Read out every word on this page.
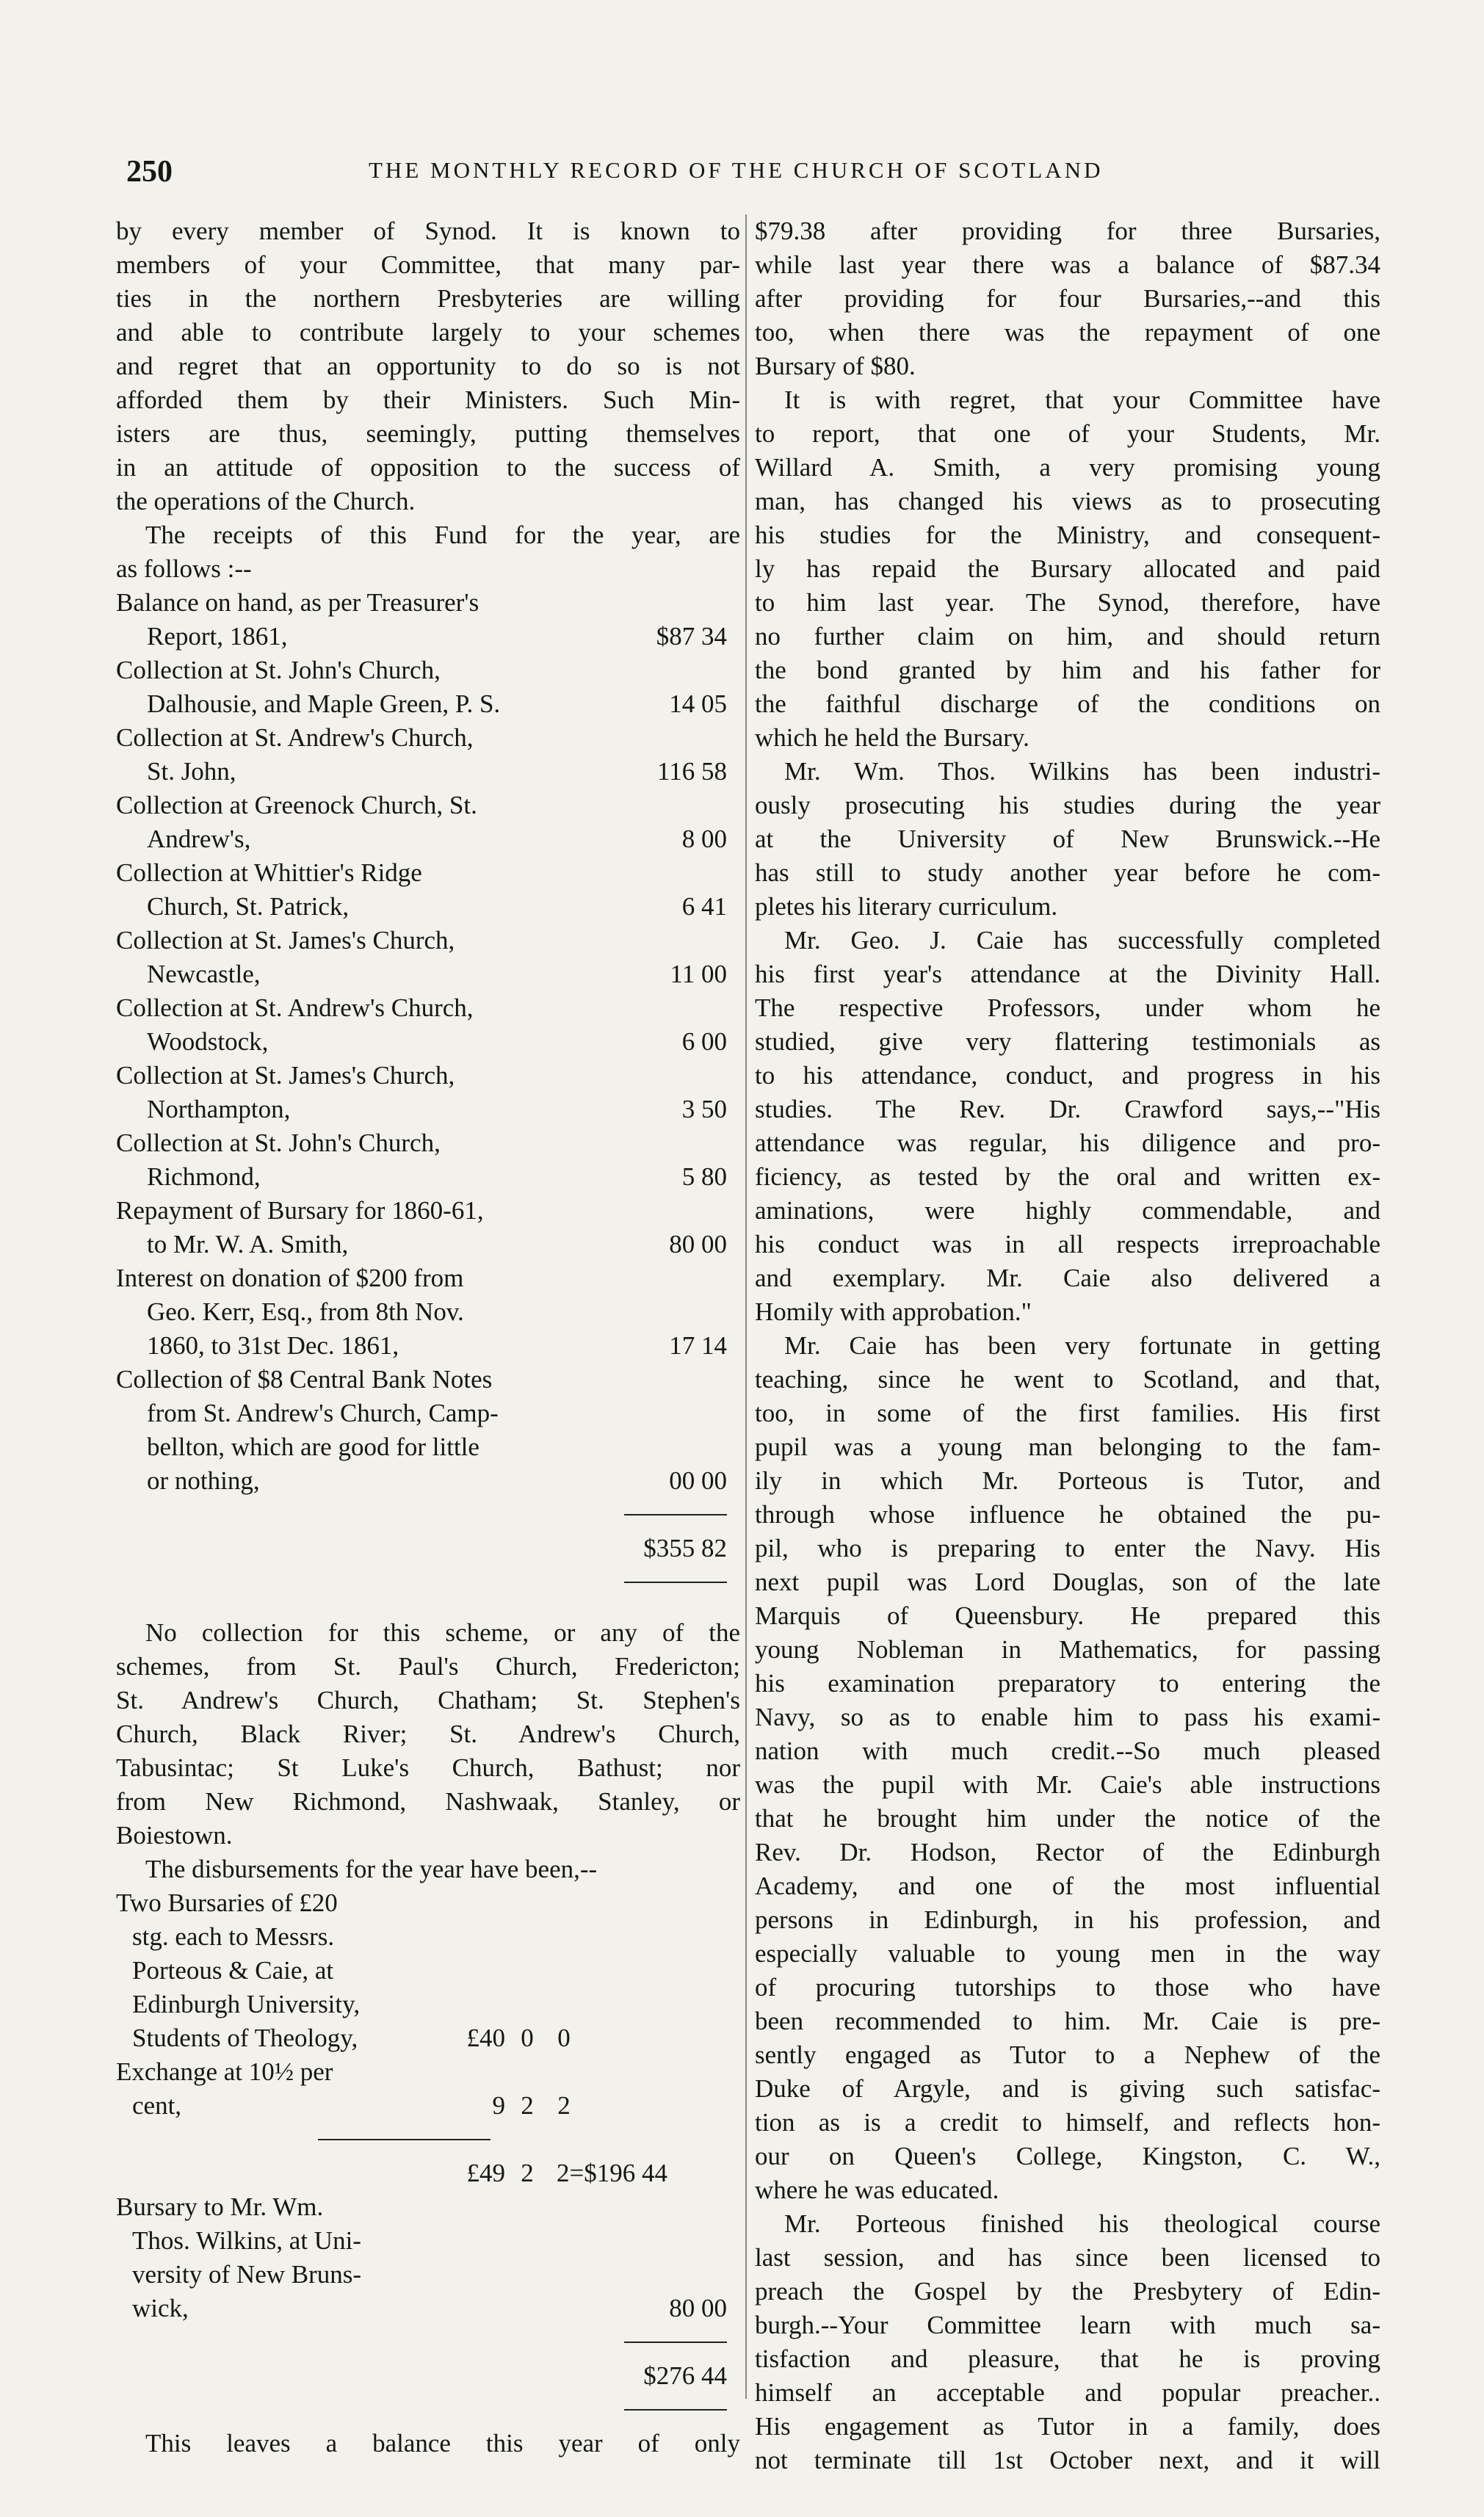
250	THE MONTHLY RECORD OF THE CHURCH OF SCOTLAND
by every member of Synod. It is known to
members of your Committee, that many par-
ties in the northern Presbyteries are willing
and able to contribute largely to your schemes
and regret that an opportunity to do so is not
afforded them by their Ministers. Such Min-
isters are thus, seemingly, putting themselves
in an attitude of opposition to the success of
the operations of the Church.
The receipts of this Fund for the year, are
as follows :--
Balance on hand, as per Treasurer's
Report, 1861,	$87 34
Collection at St. John's Church,
Dalhousie, and Maple Green, P. S.	14 05
Collection at St. Andrew's Church,
St. John,	116 58
Collection at Greenock Church, St.
Andrew's,	8 00
Collection at Whittier's Ridge
Church, St. Patrick,	6 41
Collection at St. James's Church,
Newcastle,	11 00
Collection at St. Andrew's Church,
Woodstock,	6 00
Collection at St. James's Church,
Northampton,	3 50
Collection at St. John's Church,
Richmond,	5 80
Repayment of Bursary for 1860-61,
to Mr. W. A. Smith,	80 00
Interest on donation of $200 from
Geo. Kerr, Esq., from 8th Nov.
1860, to 31st Dec. 1861,	17 14
Collection of $8 Central Bank Notes
from St. Andrew's Church, Camp-
bellton, which are good for little
or nothing,	00 00
$355 82
No collection for this scheme, or any of the
schemes, from St. Paul's Church, Fredericton;
St. Andrew's Church, Chatham; St. Stephen's
Church, Black River; St. Andrew's Church,
Tabusintac; St Luke's Church, Bathust; nor
from New Richmond, Nashwaak, Stanley, or
Boiestown.
The disbursements for the year have been,--
Two Bursaries of £20
stg. each to Messrs.
Porteous & Caie, at
Edinburgh University,
Students of Theology,	£40 0 0
Exchange at 10½ per
cent,	9 2 2
£49 2 2=$196 44
Bursary to Mr. Wm.
Thos. Wilkins, at Uni-
versity of New Bruns-
wick,	80 00
$276 44
This leaves a balance this year of only
$79.38 after providing for three Bursaries,
while last year there was a balance of $87.34
after providing for four Bursaries,--and this
too, when there was the repayment of one
Bursary of $80.
It is with regret, that your Committee have
to report, that one of your Students, Mr.
Willard A. Smith, a very promising young
man, has changed his views as to prosecuting
his studies for the Ministry, and consequent-
ly has repaid the Bursary allocated and paid
to him last year. The Synod, therefore, have
no further claim on him, and should return
the bond granted by him and his father for
the faithful discharge of the conditions on
which he held the Bursary.
Mr. Wm. Thos. Wilkins has been industri-
ously prosecuting his studies during the year
at the University of New Brunswick.--He
has still to study another year before he com-
pletes his literary curriculum.
Mr. Geo. J. Caie has successfully completed
his first year's attendance at the Divinity Hall.
The respective Professors, under whom he
studied, give very flattering testimonials as
to his attendance, conduct, and progress in his
studies. The Rev. Dr. Crawford says,--"His
attendance was regular, his diligence and pro-
ficiency, as tested by the oral and written ex-
aminations, were highly commendable, and
his conduct was in all respects irreproachable
and exemplary. Mr. Caie also delivered a
Homily with approbation."
Mr. Caie has been very fortunate in getting
teaching, since he went to Scotland, and that,
too, in some of the first families. His first
pupil was a young man belonging to the fam-
ily in which Mr. Porteous is Tutor, and
through whose influence he obtained the pu-
pil, who is preparing to enter the Navy. His
next pupil was Lord Douglas, son of the late
Marquis of Queensbury. He prepared this
young Nobleman in Mathematics, for passing
his examination preparatory to entering the
Navy, so as to enable him to pass his exami-
nation with much credit.--So much pleased
was the pupil with Mr. Caie's able instructions
that he brought him under the notice of the
Rev. Dr. Hodson, Rector of the Edinburgh
Academy, and one of the most influential
persons in Edinburgh, in his profession, and
especially valuable to young men in the way
of procuring tutorships to those who have
been recommended to him. Mr. Caie is pre-
sently engaged as Tutor to a Nephew of the
Duke of Argyle, and is giving such satisfac-
tion as is a credit to himself, and reflects hon-
our on Queen's College, Kingston, C. W.,
where he was educated.
Mr. Porteous finished his theological course
last session, and has since been licensed to
preach the Gospel by the Presbytery of Edin-
burgh.--Your Committee learn with much sa-
tisfaction and pleasure, that he is proving
himself an acceptable and popular preacher..
His engagement as Tutor in a family, does
not terminate till 1st October next, and it will
